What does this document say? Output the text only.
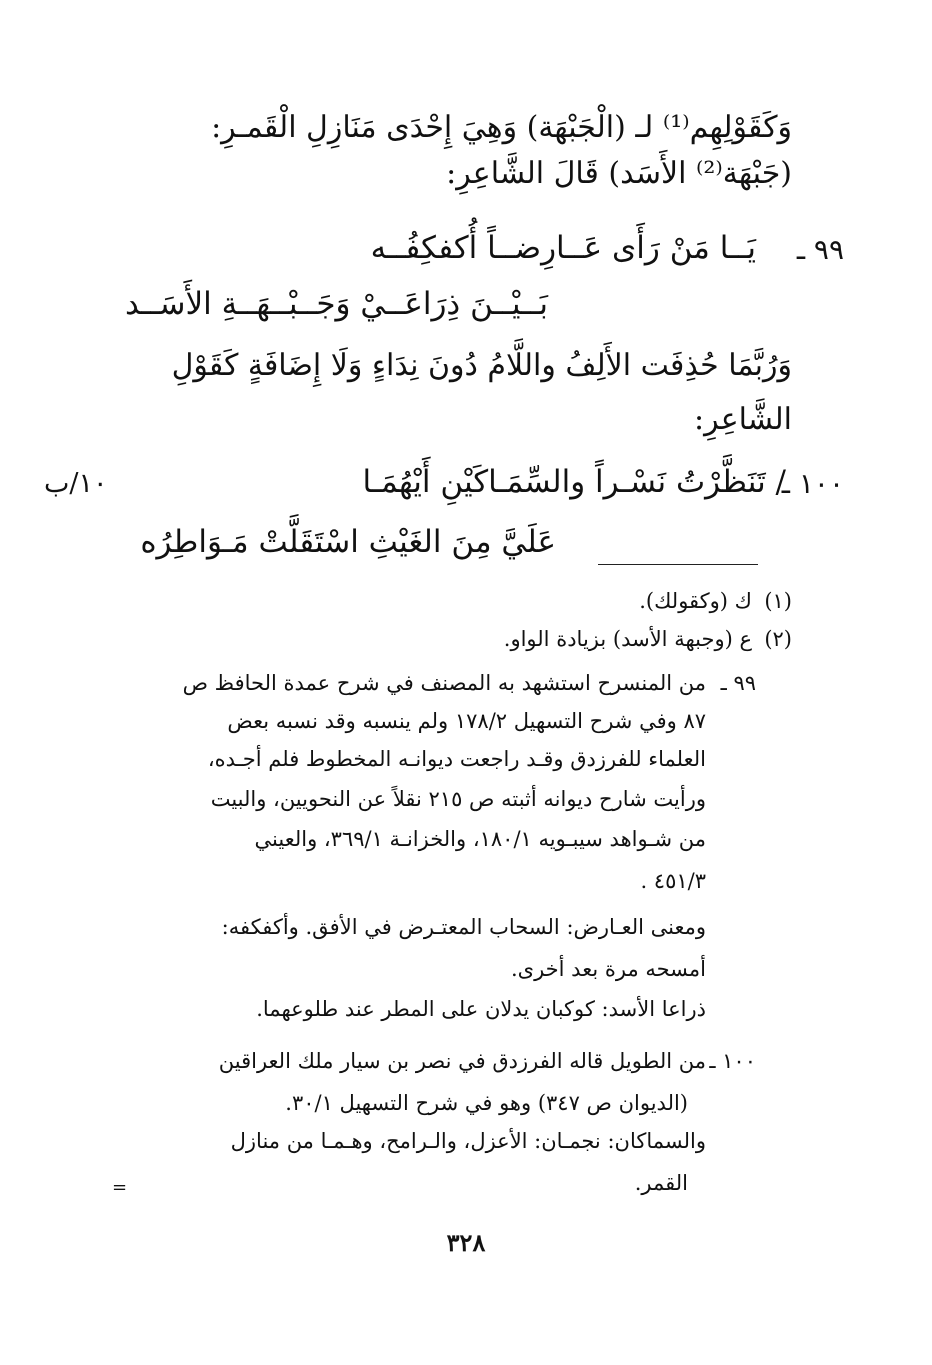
وَكَقَوْلِهِم⁽¹⁾ لـ (الْجَبْهَة) وَهِيَ إِحْدَى مَنَازِلِ الْقَمـرِ:
(جَبْهَة⁽²⁾ الأَسَد) قَالَ الشَّاعِرِ:
٩٩ ـ
يَــا مَنْ رَأَى عَــارِضــاً أُكفكِفُــه
بَــيْــنَ ذِرَاعَــيْ وَجَــبْــهَــةِ الأَسَــد
وَرُبَّمَا حُذِفَت الأَلِفُ واللَّامُ دُونَ نِدَاءٍ وَلَا إِضَافَةٍ كَقَوْلِ
الشَّاعِرِ:
١٠/ب	١٠٠ ـ
/ تَنَظَّرْتُ نَسْـراً والسِّمَـاكَيْنِ أَيْهُمَـا
عَلَيَّ مِنَ الغَيْثِ اسْتَقَلَّتْ مَـوَاطِرُه
(١)
ك (وكقولك).
(٢)
ع (وجبهة الأسد) بزيادة الواو.
٩٩ ـ
من المنسرح استشهد به المصنف في شرح عمدة الحافظ ص
٨٧ وفي شرح التسهيل ١٧٨/٢ ولم ينسبه وقد نسبه بعض
العلماء للفرزدق وقـد راجعت ديوانـه المخطوط فلم أجـده،
ورأيت شارح ديوانه أثبته ص ٢١٥ نقلاً عن النحويين، والبيت
من شـواهد سيبـويه ١٨٠/١، والخزانـة ٣٦٩/١، والعيني
٤٥١/٣ .
ومعنى العـارض: السحاب المعتـرض في الأفق. وأكفكفه:
أمسحه مرة بعد أخرى.
ذراعا الأسد: كوكبان يدلان على المطر عند طلوعهما.
١٠٠ ـ
من الطويل قاله الفرزدق في نصر بن سيار ملك العراقين
(الديوان ص ٣٤٧) وهو في شرح التسهيل ٣٠/١.
والسماكان: نجمـان: الأعزل، والـرامح، وهـمـا من منازل
القمر.
=
٣٢٨
